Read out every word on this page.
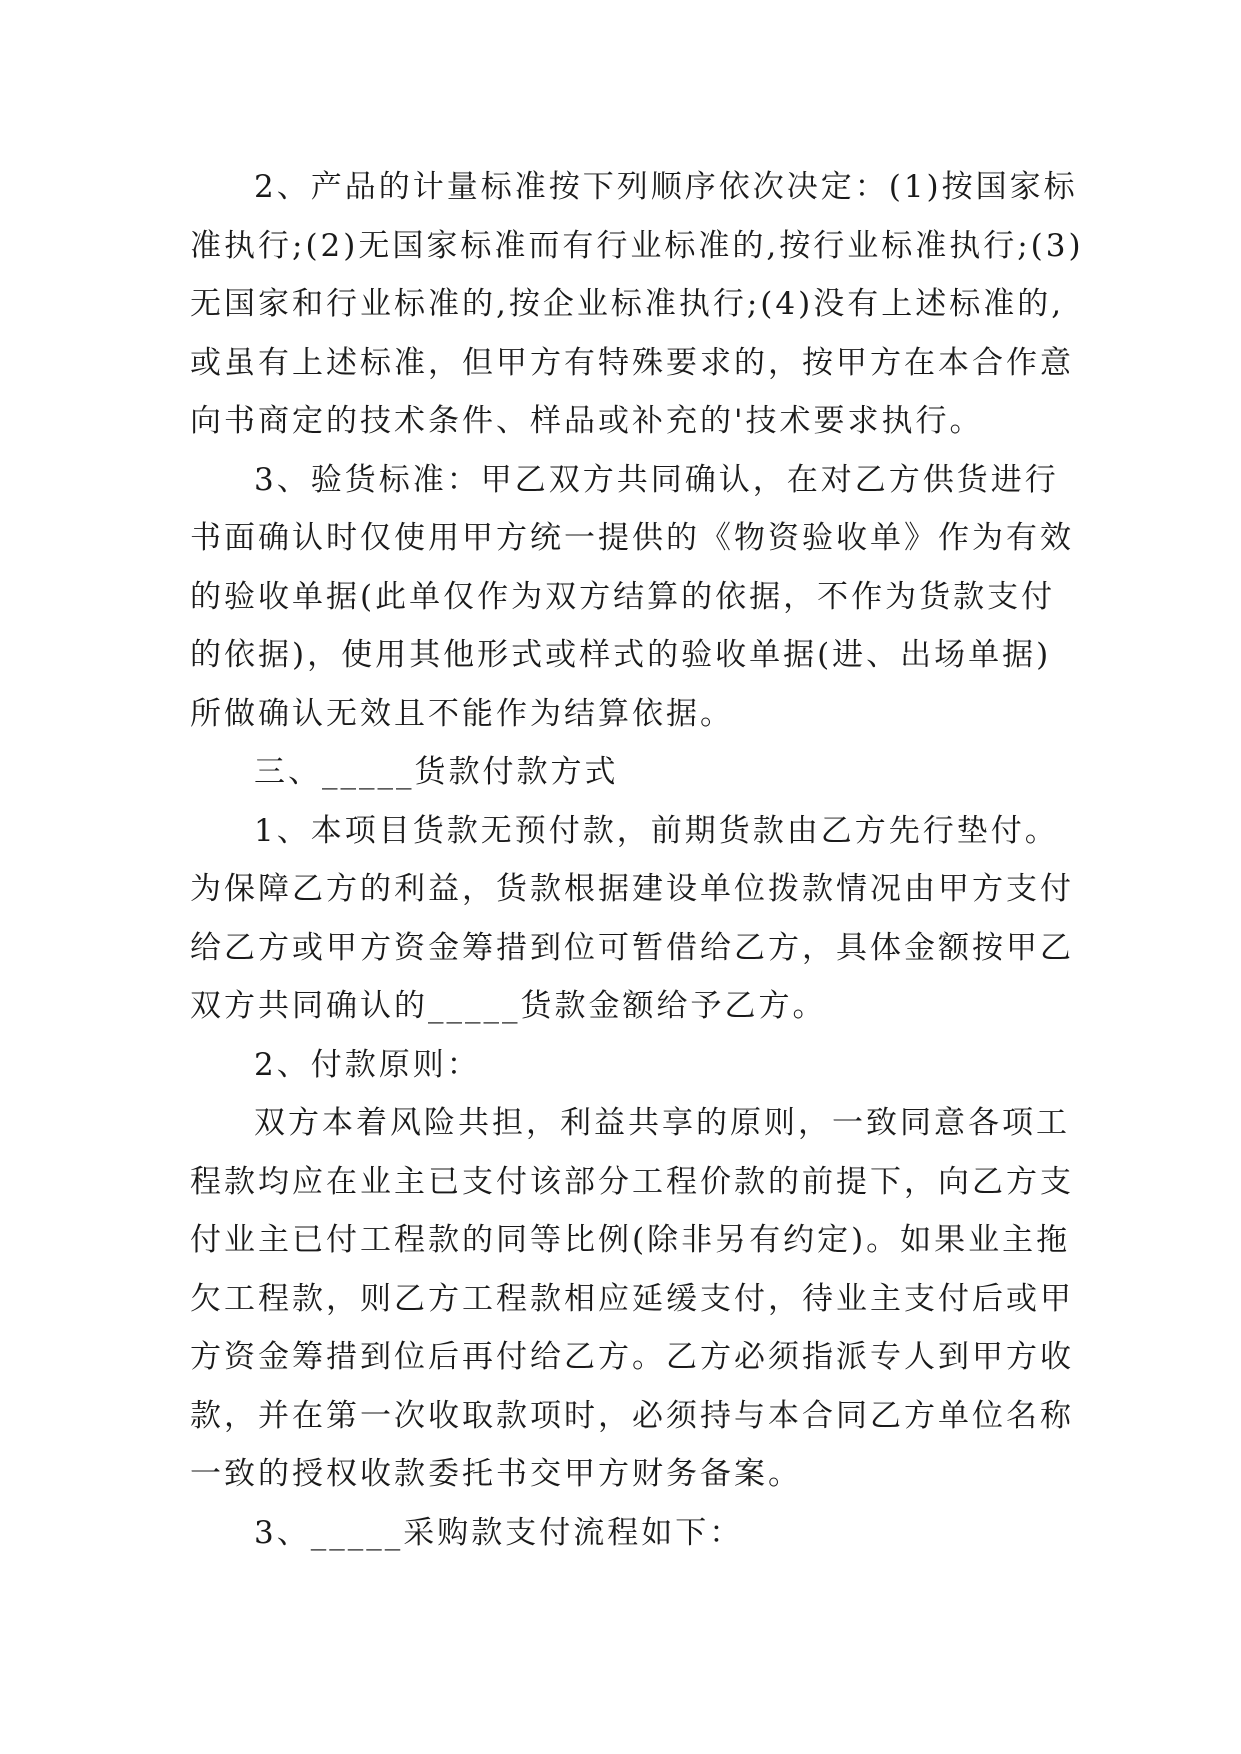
2、产品的计量标准按下列顺序依次决定：(1)按国家标
准执行;(2)无国家标准而有行业标准的,按行业标准执行;(3)
无国家和行业标准的,按企业标准执行;(4)没有上述标准的,
或虽有上述标准，但甲方有特殊要求的，按甲方在本合作意
向书商定的技术条件、样品或补充的'技术要求执行。
3、验货标准：甲乙双方共同确认，在对乙方供货进行
书面确认时仅使用甲方统一提供的《物资验收单》作为有效
的验收单据(此单仅作为双方结算的依据，不作为货款支付
的依据)，使用其他形式或样式的验收单据(进、出场单据)
所做确认无效且不能作为结算依据。
三、_____货款付款方式
1、本项目货款无预付款，前期货款由乙方先行垫付。
为保障乙方的利益，货款根据建设单位拨款情况由甲方支付
给乙方或甲方资金筹措到位可暂借给乙方，具体金额按甲乙
双方共同确认的_____货款金额给予乙方。
2、付款原则：
双方本着风险共担，利益共享的原则，一致同意各项工
程款均应在业主已支付该部分工程价款的前提下，向乙方支
付业主已付工程款的同等比例(除非另有约定)。如果业主拖
欠工程款，则乙方工程款相应延缓支付，待业主支付后或甲
方资金筹措到位后再付给乙方。乙方必须指派专人到甲方收
款，并在第一次收取款项时，必须持与本合同乙方单位名称
一致的授权收款委托书交甲方财务备案。
3、_____采购款支付流程如下：
